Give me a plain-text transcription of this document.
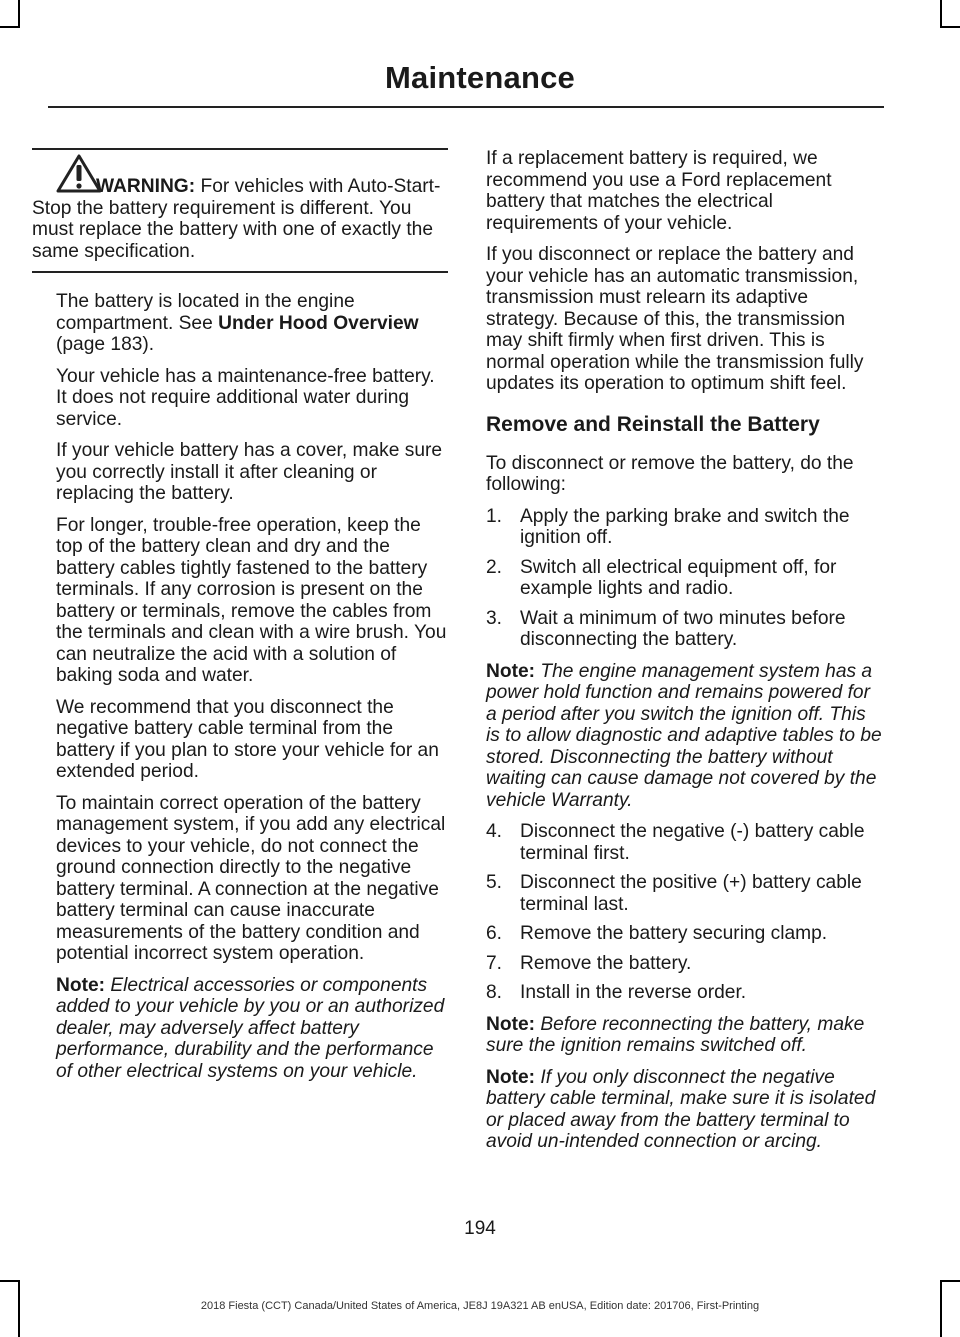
Maintenance

WARNING: For vehicles with Auto-Start-Stop the battery requirement is different. You must replace the battery with one of exactly the same specification.

The battery is located in the engine compartment. See Under Hood Overview (page 183).

Your vehicle has a maintenance-free battery. It does not require additional water during service.

If your vehicle battery has a cover, make sure you correctly install it after cleaning or replacing the battery.

For longer, trouble-free operation, keep the top of the battery clean and dry and the battery cables tightly fastened to the battery terminals. If any corrosion is present on the battery or terminals, remove the cables from the terminals and clean with a wire brush. You can neutralize the acid with a solution of baking soda and water.

We recommend that you disconnect the negative battery cable terminal from the battery if you plan to store your vehicle for an extended period.

To maintain correct operation of the battery management system, if you add any electrical devices to your vehicle, do not connect the ground connection directly to the negative battery terminal. A connection at the negative battery terminal can cause inaccurate measurements of the battery condition and potential incorrect system operation.

Note: Electrical accessories or components added to your vehicle by you or an authorized dealer, may adversely affect battery performance, durability and the performance of other electrical systems on your vehicle.

If a replacement battery is required, we recommend you use a Ford replacement battery that matches the electrical requirements of your vehicle.

If you disconnect or replace the battery and your vehicle has an automatic transmission, transmission must relearn its adaptive strategy. Because of this, the transmission may shift firmly when first driven. This is normal operation while the transmission fully updates its operation to optimum shift feel.

Remove and Reinstall the Battery

To disconnect or remove the battery, do the following:

1. Apply the parking brake and switch the ignition off.
2. Switch all electrical equipment off, for example lights and radio.
3. Wait a minimum of two minutes before disconnecting the battery.

Note: The engine management system has a power hold function and remains powered for a period after you switch the ignition off. This is to allow diagnostic and adaptive tables to be stored. Disconnecting the battery without waiting can cause damage not covered by the vehicle Warranty.

4. Disconnect the negative (-) battery cable terminal first.
5. Disconnect the positive (+) battery cable terminal last.
6. Remove the battery securing clamp.
7. Remove the battery.
8. Install in the reverse order.

Note: Before reconnecting the battery, make sure the ignition remains switched off.

Note: If you only disconnect the negative battery cable terminal, make sure it is isolated or placed away from the battery terminal to avoid un-intended connection or arcing.

194
2018 Fiesta (CCT) Canada/United States of America, JE8J 19A321 AB enUSA, Edition date: 201706, First-Printing
